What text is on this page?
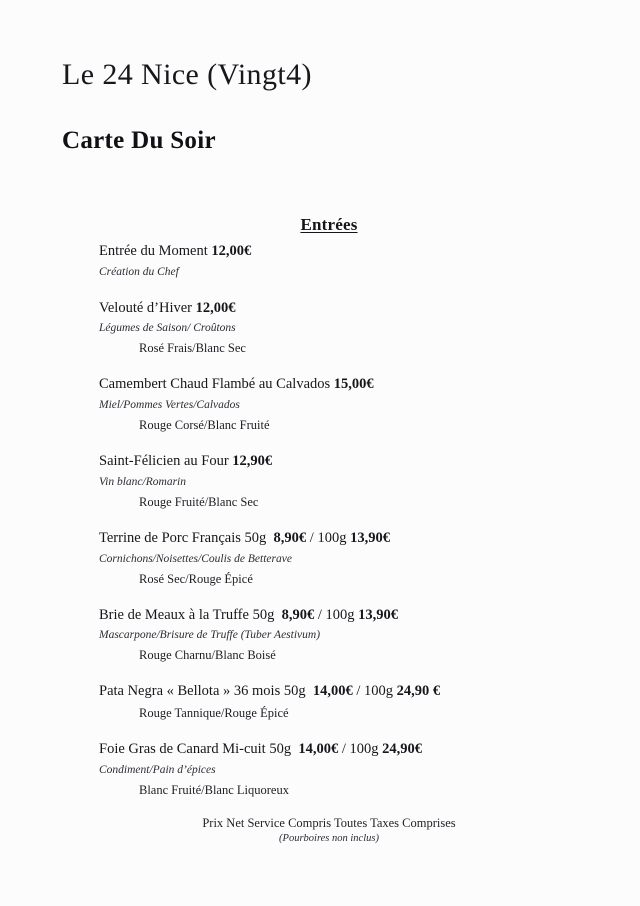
Le 24 Nice (Vingt4)
Carte Du Soir
Entrées
Entrée du Moment 12,00€
Création du Chef
Velouté d’Hiver 12,00€
Légumes de Saison/ Croûtons
Rosé Frais/Blanc Sec
Camembert Chaud Flambé au Calvados 15,00€
Miel/Pommes Vertes/Calvados
Rouge Corsé/Blanc Fruité
Saint-Félicien au Four 12,90€
Vin blanc/Romarin
Rouge Fruité/Blanc Sec
Terrine de Porc Français 50g 8,90€ / 100g 13,90€
Cornichons/Noisettes/Coulis de Betterave
Rosé Sec/Rouge Épicé
Brie de Meaux à la Truffe 50g 8,90€ / 100g 13,90€
Mascarpone/Brisure de Truffe (Tuber Aestivum)
Rouge Charnu/Blanc Boisé
Pata Negra « Bellota » 36 mois 50g 14,00€ / 100g 24,90 €
Rouge Tannique/Rouge Épicé
Foie Gras de Canard Mi-cuit 50g 14,00€ / 100g 24,90€
Condiment/Pain d’épices
Blanc Fruité/Blanc Liquoreux
Prix Net Service Compris Toutes Taxes Comprises
(Pourboires non inclus)
